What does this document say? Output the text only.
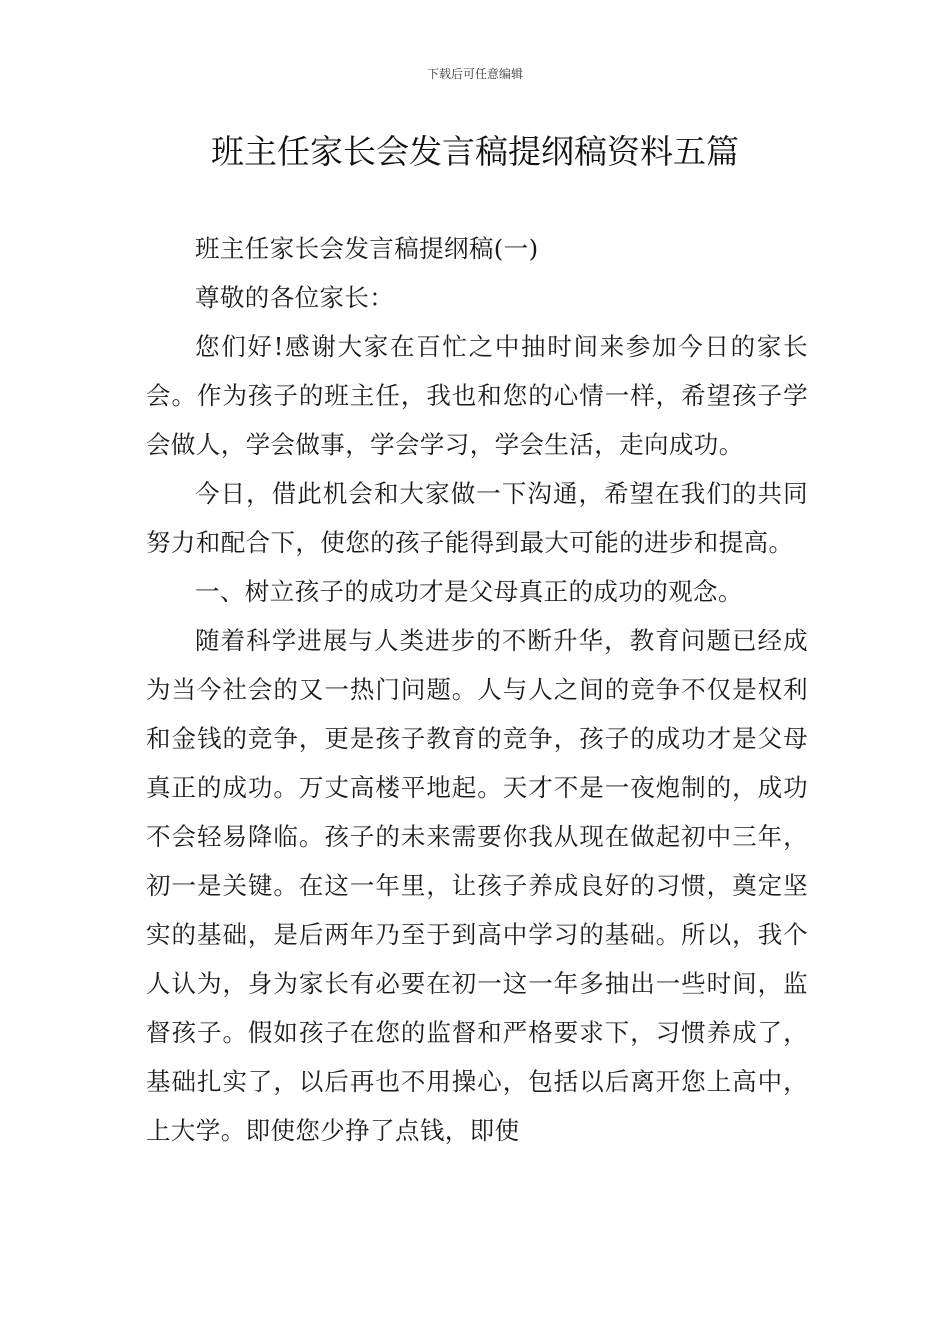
下载后可任意编辑
班主任家长会发言稿提纲稿资料五篇

班主任家长会发言稿提纲稿(一)

尊敬的各位家长：

您们好!感谢大家在百忙之中抽时间来参加今日的家长会。作为孩子的班主任，我也和您的心情一样，希望孩子学会做人，学会做事，学会学习，学会生活，走向成功。

今日，借此机会和大家做一下沟通，希望在我们的共同努力和配合下，使您的孩子能得到最大可能的进步和提高。

一、树立孩子的成功才是父母真正的成功的观念。

随着科学进展与人类进步的不断升华，教育问题已经成为当今社会的又一热门问题。人与人之间的竞争不仅是权利和金钱的竞争，更是孩子教育的竞争，孩子的成功才是父母真正的成功。万丈高楼平地起。天才不是一夜炮制的，成功不会轻易降临。孩子的未来需要你我从现在做起初中三年，初一是关键。在这一年里，让孩子养成良好的习惯，奠定坚实的基础，是后两年乃至于到高中学习的基础。所以，我个人认为，身为家长有必要在初一这一年多抽出一些时间，监督孩子。假如孩子在您的监督和严格要求下，习惯养成了，基础扎实了，以后再也不用操心，包括以后离开您上高中，上大学。即使您少挣了点钱，即使
